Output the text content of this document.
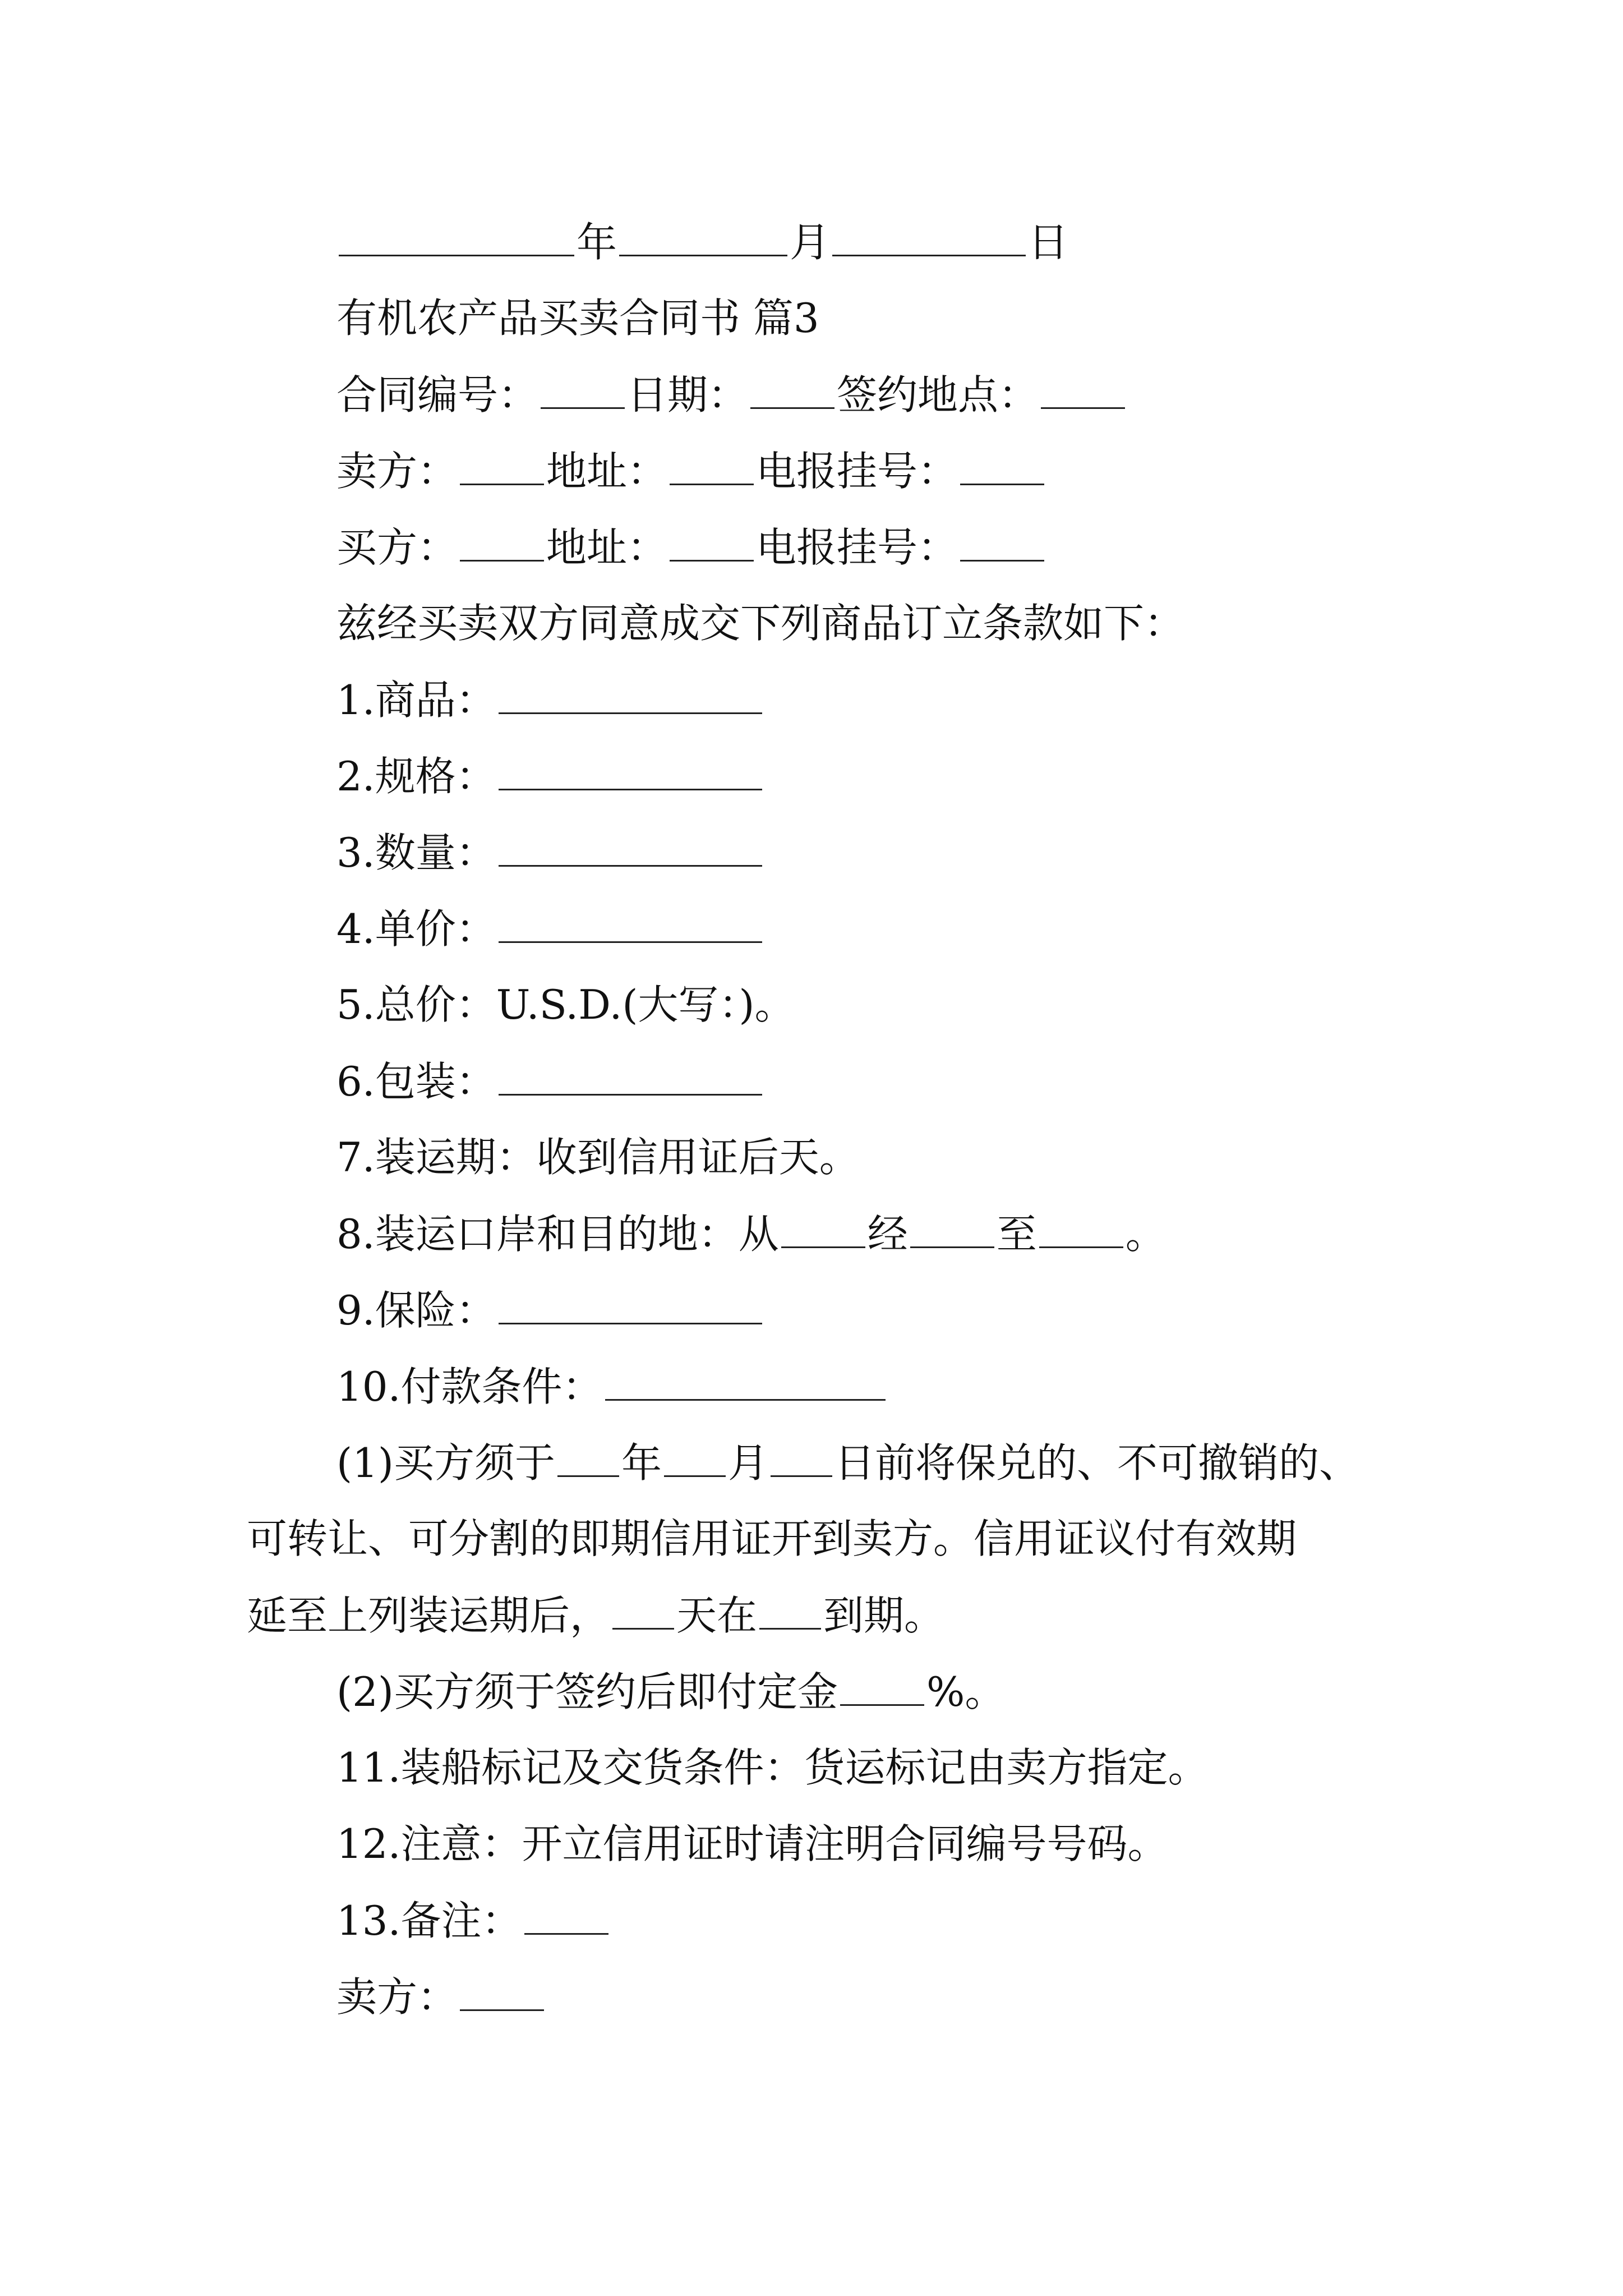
年	月	日
有机农产品买卖合同书 篇3
合同编号： 日期： 签约地点：
卖方： 地址： 电报挂号：
买方： 地址： 电报挂号：
兹经买卖双方同意成交下列商品订立条款如下：
1.商品：
2.规格：
3.数量：
4.单价：
5.总价：U.S.D.(大写：)。
6.包装：
7.装运期：收到信用证后天。
8.装运口岸和目的地：从 经 至 。
9.保险：
10.付款条件：
(1)买方须于 年 月 日前将保兑的、不可撤销的、
可转让、可分割的即期信用证开到卖方。信用证议付有效期
延至上列装运期后， 天在 到期。
(2)买方须于签约后即付定金 %。
11.装船标记及交货条件：货运标记由卖方指定。
12.注意：开立信用证时请注明合同编号号码。
13.备注：
卖方：
